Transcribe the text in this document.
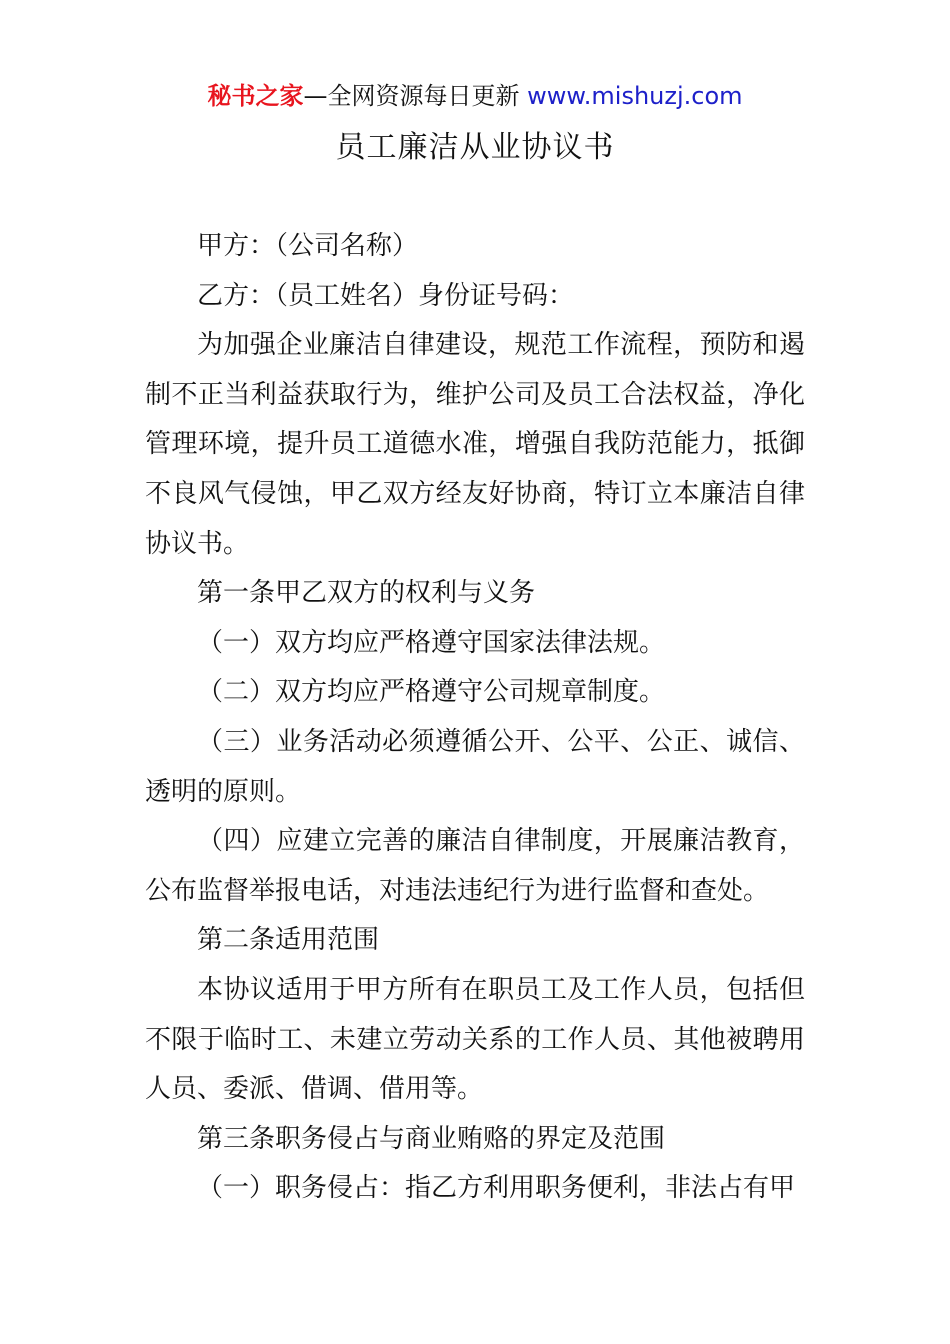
秘书之家—全网资源每日更新 www.mishuzj.com
员工廉洁从业协议书

甲方：（公司名称）

乙方：（员工姓名）身份证号码：

为加强企业廉洁自律建设，规范工作流程，预防和遏制不正当利益获取行为，维护公司及员工合法权益，净化管理环境，提升员工道德水准，增强自我防范能力，抵御不良风气侵蚀，甲乙双方经友好协商，特订立本廉洁自律协议书。

第一条甲乙双方的权利与义务

（一）双方均应严格遵守国家法律法规。

（二）双方均应严格遵守公司规章制度。

（三）业务活动必须遵循公开、公平、公正、诚信、透明的原则。

（四）应建立完善的廉洁自律制度，开展廉洁教育，公布监督举报电话，对违法违纪行为进行监督和查处。

第二条适用范围

本协议适用于甲方所有在职员工及工作人员，包括但不限于临时工、未建立劳动关系的工作人员、其他被聘用人员、委派、借调、借用等。

第三条职务侵占与商业贿赂的界定及范围

（一）职务侵占：指乙方利用职务便利，非法占有甲
